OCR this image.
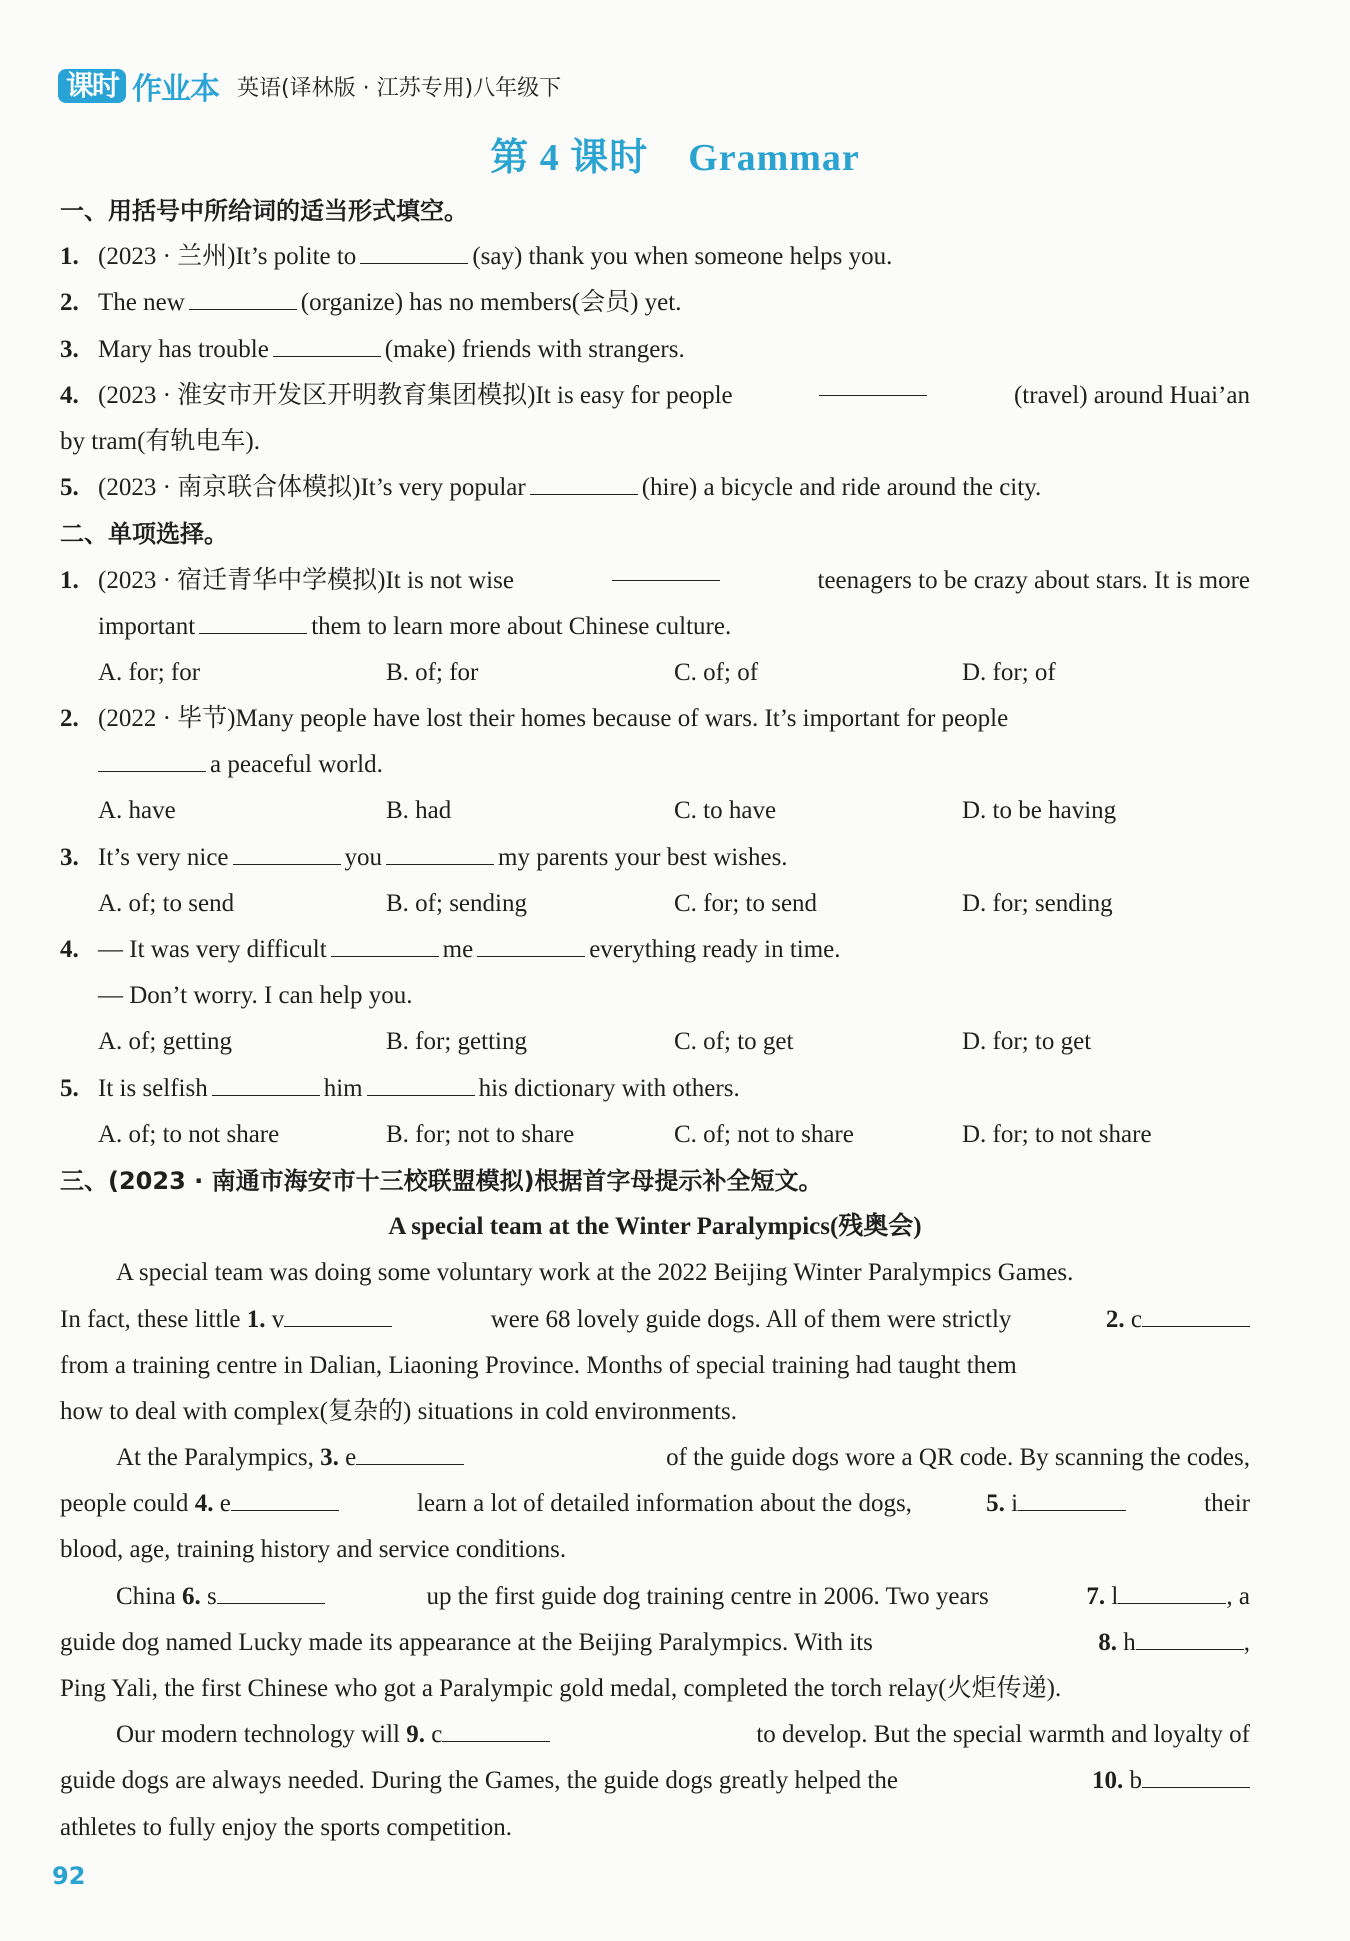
课时 作业本 英语(译林版 · 江苏专用)八年级下
第 4 课时 Grammar
一、用括号中所给词的适当形式填空。
1. (2023 · 兰州)It’s polite to	(say) thank you when someone helps you.
2. The new	(organize) has no members(会员) yet.
3. Mary has trouble	(make) friends with strangers.
4. (2023 · 淮安市开发区开明教育集团模拟)It is easy for people	(travel) around Huai’an
by tram(有轨电车).
5. (2023 · 南京联合体模拟)It’s very popular	(hire) a bicycle and ride around the city.
二、单项选择。
1. (2023 · 宿迁青华中学模拟)It is not wise	teenagers to be crazy about stars. It is more
important	them to learn more about Chinese culture.
A. for; for	B. of; for	C. of; of	D. for; of
2. (2022 · 毕节)Many people have lost their homes because of wars. It’s important for people
a peaceful world.
A. have	B. had	C. to have	D. to be having
3. It’s very nice	you	my parents your best wishes.
A. of; to send	B. of; sending	C. for; to send	D. for; sending
4. — It was very difficult	me	everything ready in time.
— Don’t worry. I can help you.
A. of; getting	B. for; getting	C. of; to get	D. for; to get
5. It is selfish	him	his dictionary with others.
A. of; to not share	B. for; not to share	C. of; not to share	D. for; to not share
三、(2023 · 南通市海安市十三校联盟模拟)根据首字母提示补全短文。
A special team at the Winter Paralympics(残奥会)
A special team was doing some voluntary work at the 2022 Beijing Winter Paralympics Games.
In fact, these little 1. v	were 68 lovely guide dogs. All of them were strictly	2. c
from a training centre in Dalian, Liaoning Province. Months of special training had taught them
how to deal with complex(复杂的) situations in cold environments.
At the Paralympics, 3. e	of the guide dogs wore a QR code. By scanning the codes,
people could 4. e	learn a lot of detailed information about the dogs,	5. i	their
blood, age, training history and service conditions.
China 6. s	up the first guide dog training centre in 2006. Two years	7. l	, a
guide dog named Lucky made its appearance at the Beijing Paralympics. With its	8. h	,
Ping Yali, the first Chinese who got a Paralympic gold medal, completed the torch relay(火炬传递).
Our modern technology will 9. c	to develop. But the special warmth and loyalty of
guide dogs are always needed. During the Games, the guide dogs greatly helped the	10. b
athletes to fully enjoy the sports competition.
92
